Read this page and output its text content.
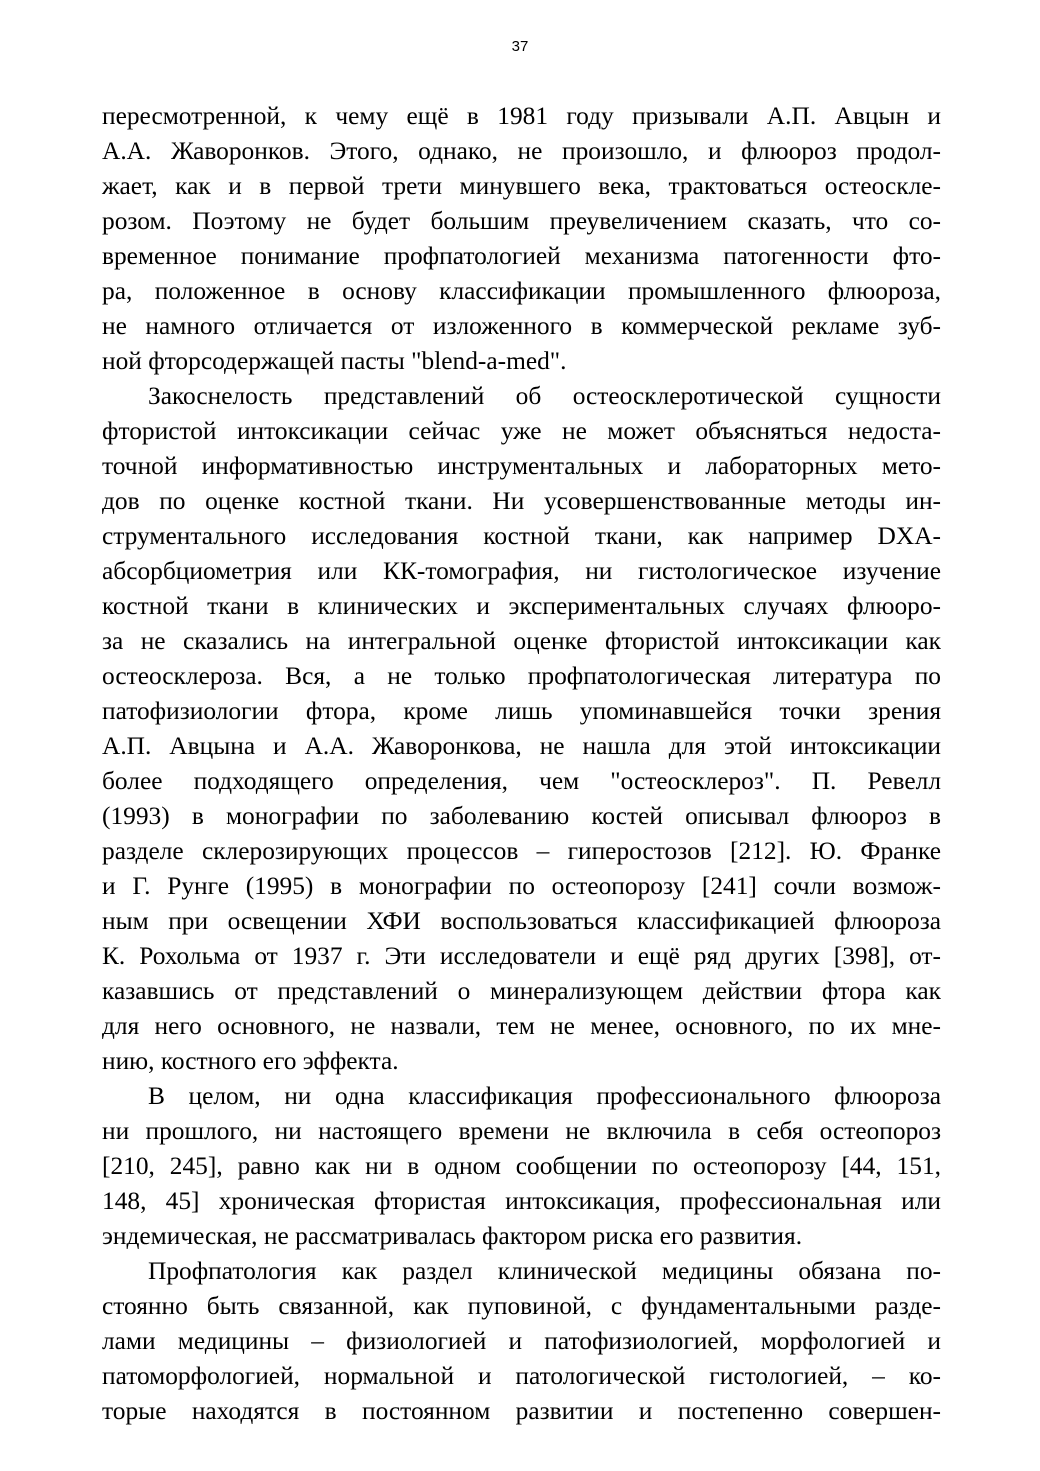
37
пересмотренной, к чему ещё в 1981 году призывали А.П. Авцын и
А.А. Жаворонков. Этого, однако, не произошло, и флюороз продол-
жает, как и в первой трети минувшего века, трактоваться остеоскле-
розом. Поэтому не будет большим преувеличением сказать, что со-
временное понимание профпатологией механизма патогенности фто-
ра, положенное в основу классификации промышленного флюороза,
не намного отличается от изложенного в коммерческой рекламе зуб-
ной фторсодержащей пасты "blend-a-med".
Закоснелость представлений об остеосклеротической сущности
фтористой интоксикации сейчас уже не может объясняться недоста-
точной информативностью инструментальных и лабораторных мето-
дов по оценке костной ткани. Ни усовершенствованные методы ин-
струментального исследования костной ткани, как например DXA-
абсорбциометрия или КК-томография, ни гистологическое изучение
костной ткани в клинических и экспериментальных случаях флюоро-
за не сказались на интегральной оценке фтористой интоксикации как
остеосклероза. Вся, а не только профпатологическая литература по
патофизиологии фтора, кроме лишь упоминавшейся точки зрения
А.П. Авцына и А.А. Жаворонкова, не нашла для этой интоксикации
более подходящего определения, чем "остеосклероз". П. Ревелл
(1993) в монографии по заболеванию костей описывал флюороз в
разделе склерозирующих процессов – гиперостозов [212]. Ю. Франке
и Г. Рунге (1995) в монографии по остеопорозу [241] сочли возмож-
ным при освещении ХФИ воспользоваться классификацией флюороза
К. Рохольма от 1937 г. Эти исследователи и ещё ряд других [398], от-
казавшись от представлений о минерализующем действии фтора как
для него основного, не назвали, тем не менее, основного, по их мне-
нию, костного его эффекта.
В целом, ни одна классификация профессионального флюороза
ни прошлого, ни настоящего времени не включила в себя остеопороз
[210, 245], равно как ни в одном сообщении по остеопорозу [44, 151,
148, 45] хроническая фтористая интоксикация, профессиональная или
эндемическая, не рассматривалась фактором риска его развития.
Профпатология как раздел клинической медицины обязана по-
стоянно быть связанной, как пуповиной, с фундаментальными разде-
лами медицины – физиологией и патофизиологией, морфологией и
патоморфологией, нормальной и патологической гистологией, – ко-
торые находятся в постоянном развитии и постепенно совершен-
